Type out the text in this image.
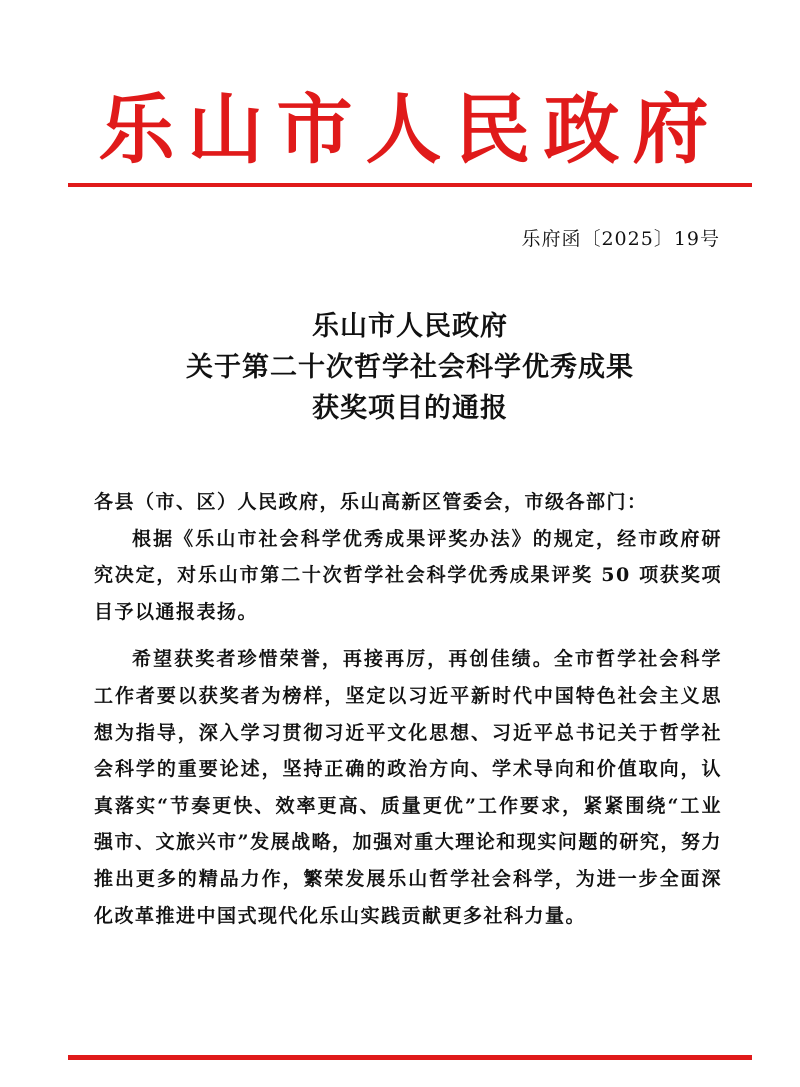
乐山市人民政府
乐府函〔2025〕19号
乐山市人民政府
关于第二十次哲学社会科学优秀成果
获奖项目的通报

各县（市、区）人民政府，乐山高新区管委会，市级各部门：

根据《乐山市社会科学优秀成果评奖办法》的规定，经市政府研究决定，对乐山市第二十次哲学社会科学优秀成果评奖 50 项获奖项目予以通报表扬。

希望获奖者珍惜荣誉，再接再厉，再创佳绩。全市哲学社会科学工作者要以获奖者为榜样，坚定以习近平新时代中国特色社会主义思想为指导，深入学习贯彻习近平文化思想、习近平总书记关于哲学社会科学的重要论述，坚持正确的政治方向、学术导向和价值取向，认真落实“节奏更快、效率更高、质量更优”工作要求，紧紧围绕“工业强市、文旅兴市”发展战略，加强对重大理论和现实问题的研究，努力推出更多的精品力作，繁荣发展乐山哲学社会科学，为进一步全面深化改革推进中国式现代化乐山实践贡献更多社科力量。
